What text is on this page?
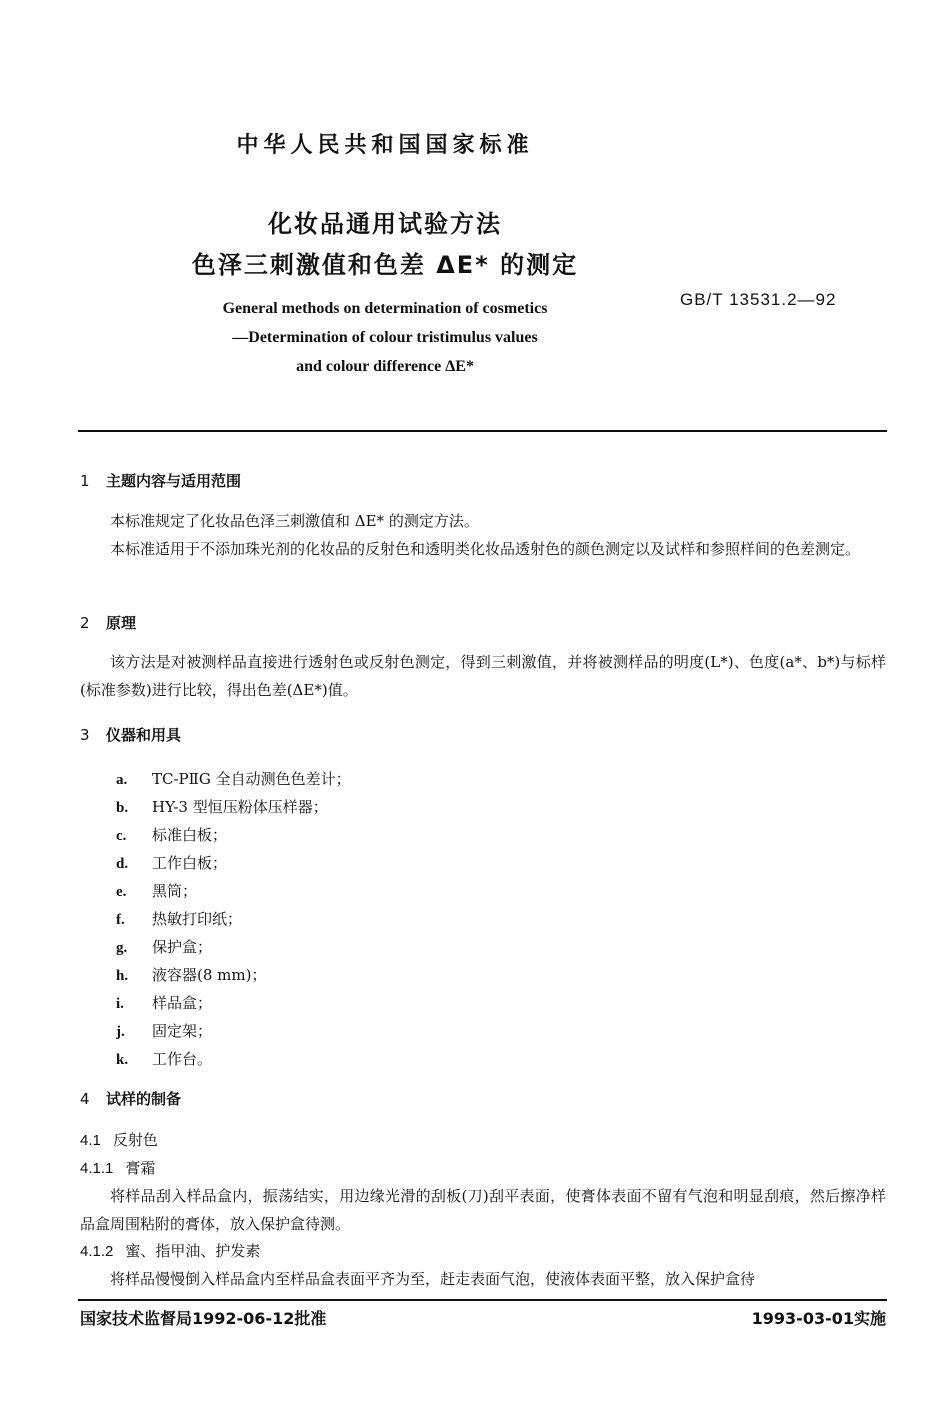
中华人民共和国国家标准
化妆品通用试验方法
色泽三刺激值和色差 ΔE* 的测定
General methods on determination of cosmetics
—Determination of colour tristimulus values
and colour difference ΔE*
GB/T 13531.2—92
1 主题内容与适用范围
本标准规定了化妆品色泽三刺激值和 ΔE* 的测定方法。
本标准适用于不添加珠光剂的化妆品的反射色和透明类化妆品透射色的颜色测定以及试样和参照样间的色差测定。
2 原理
该方法是对被测样品直接进行透射色或反射色测定，得到三刺激值，并将被测样品的明度(L*)、色度(a*、b*)与标样(标准参数)进行比较，得出色差(ΔE*)值。
3 仪器和用具
a. TC-PⅡG 全自动测色色差计；
b. HY-3 型恒压粉体压样器；
c. 标准白板；
d. 工作白板；
e. 黑筒；
f. 热敏打印纸；
g. 保护盒；
h. 液容器(8 mm)；
i. 样品盒；
j. 固定架；
k. 工作台。
4 试样的制备
4.1 反射色
4.1.1 膏霜
将样品刮入样品盒内，振荡结实，用边缘光滑的刮板(刀)刮平表面，使膏体表面不留有气泡和明显刮痕，然后擦净样品盒周围粘附的膏体，放入保护盒待测。
4.1.2 蜜、指甲油、护发素
将样品慢慢倒入样品盒内至样品盒表面平齐为至，赶走表面气泡，使液体表面平整，放入保护盒待
国家技术监督局1992-06-12批准	1993-03-01实施
